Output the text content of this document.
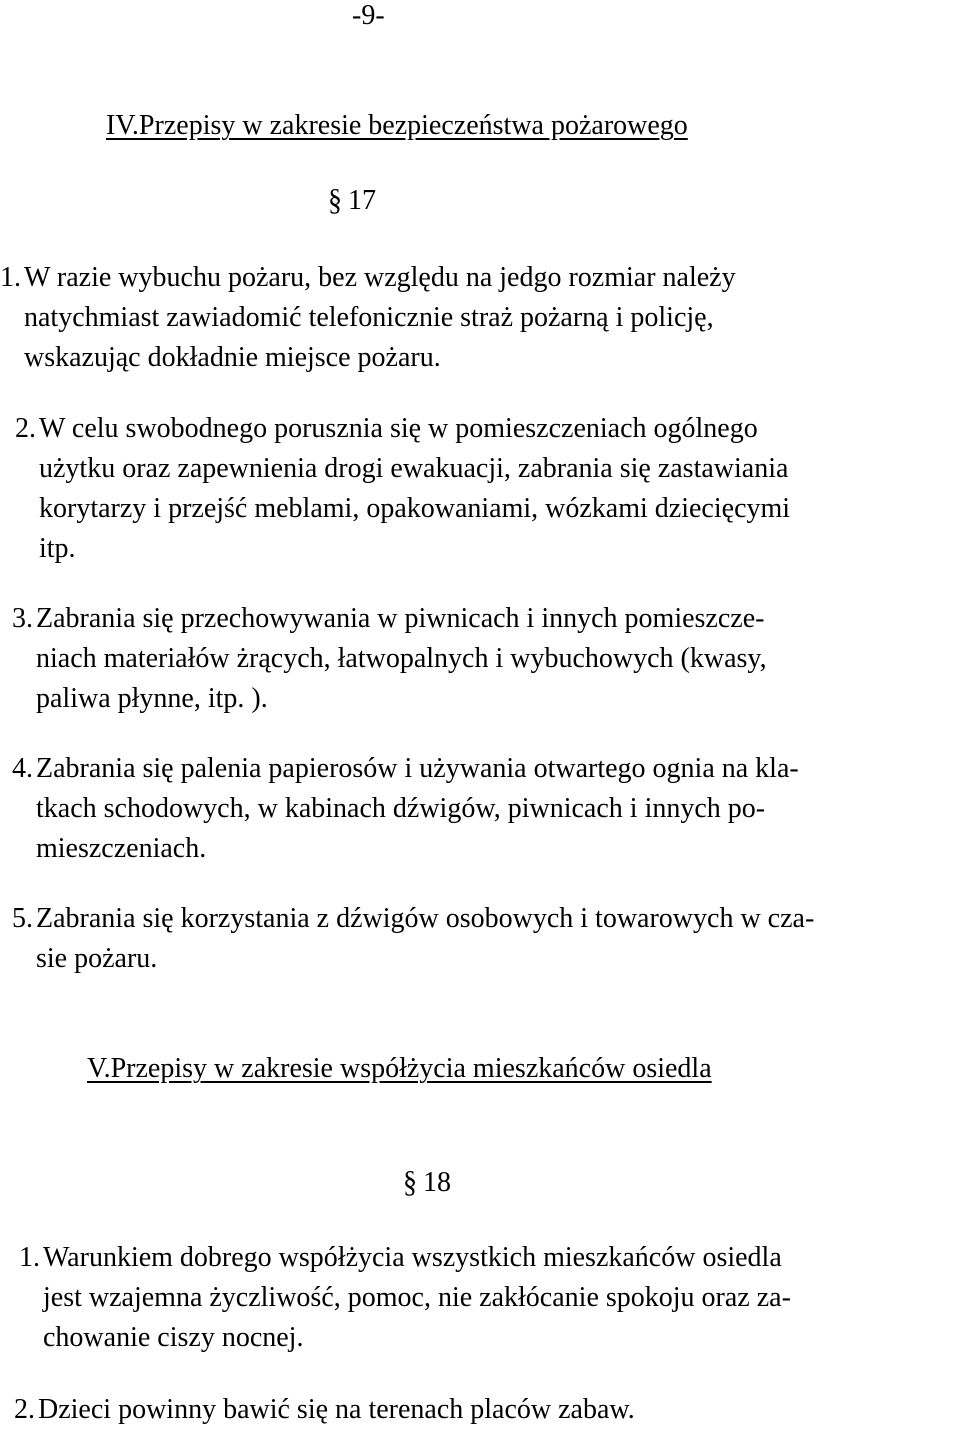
-9-
IV.Przepisy w zakresie bezpieczeństwa pożarowego
§ 17
1. W razie wybuchu pożaru, bez względu na jedgo rozmiar należy
natychmiast zawiadomić telefonicznie straż pożarną i policję,
wskazując dokładnie miejsce pożaru.
2. W celu swobodnego porusznia się w pomieszczeniach ogólnego
użytku oraz zapewnienia drogi ewakuacji, zabrania się zastawiania
korytarzy i przejść meblami, opakowaniami, wózkami dziecięcymi
itp.
3. Zabrania się przechowywania w piwnicach i innych pomieszcze-
niach materiałów żrących, łatwopalnych i wybuchowych (kwasy,
paliwa płynne, itp. ).
4. Zabrania się palenia papierosów i używania otwartego ognia na kla-
tkach schodowych, w kabinach dźwigów, piwnicach i innych po-
mieszczeniach.
5. Zabrania się korzystania z dźwigów osobowych i towarowych w cza-
sie pożaru.
V.Przepisy w zakresie współżycia mieszkańców osiedla
§ 18
1. Warunkiem dobrego współżycia wszystkich mieszkańców osiedla
jest wzajemna życzliwość, pomoc, nie zakłócanie spokoju oraz za-
chowanie ciszy nocnej.
2. Dzieci powinny bawić się na terenach placów zabaw.
